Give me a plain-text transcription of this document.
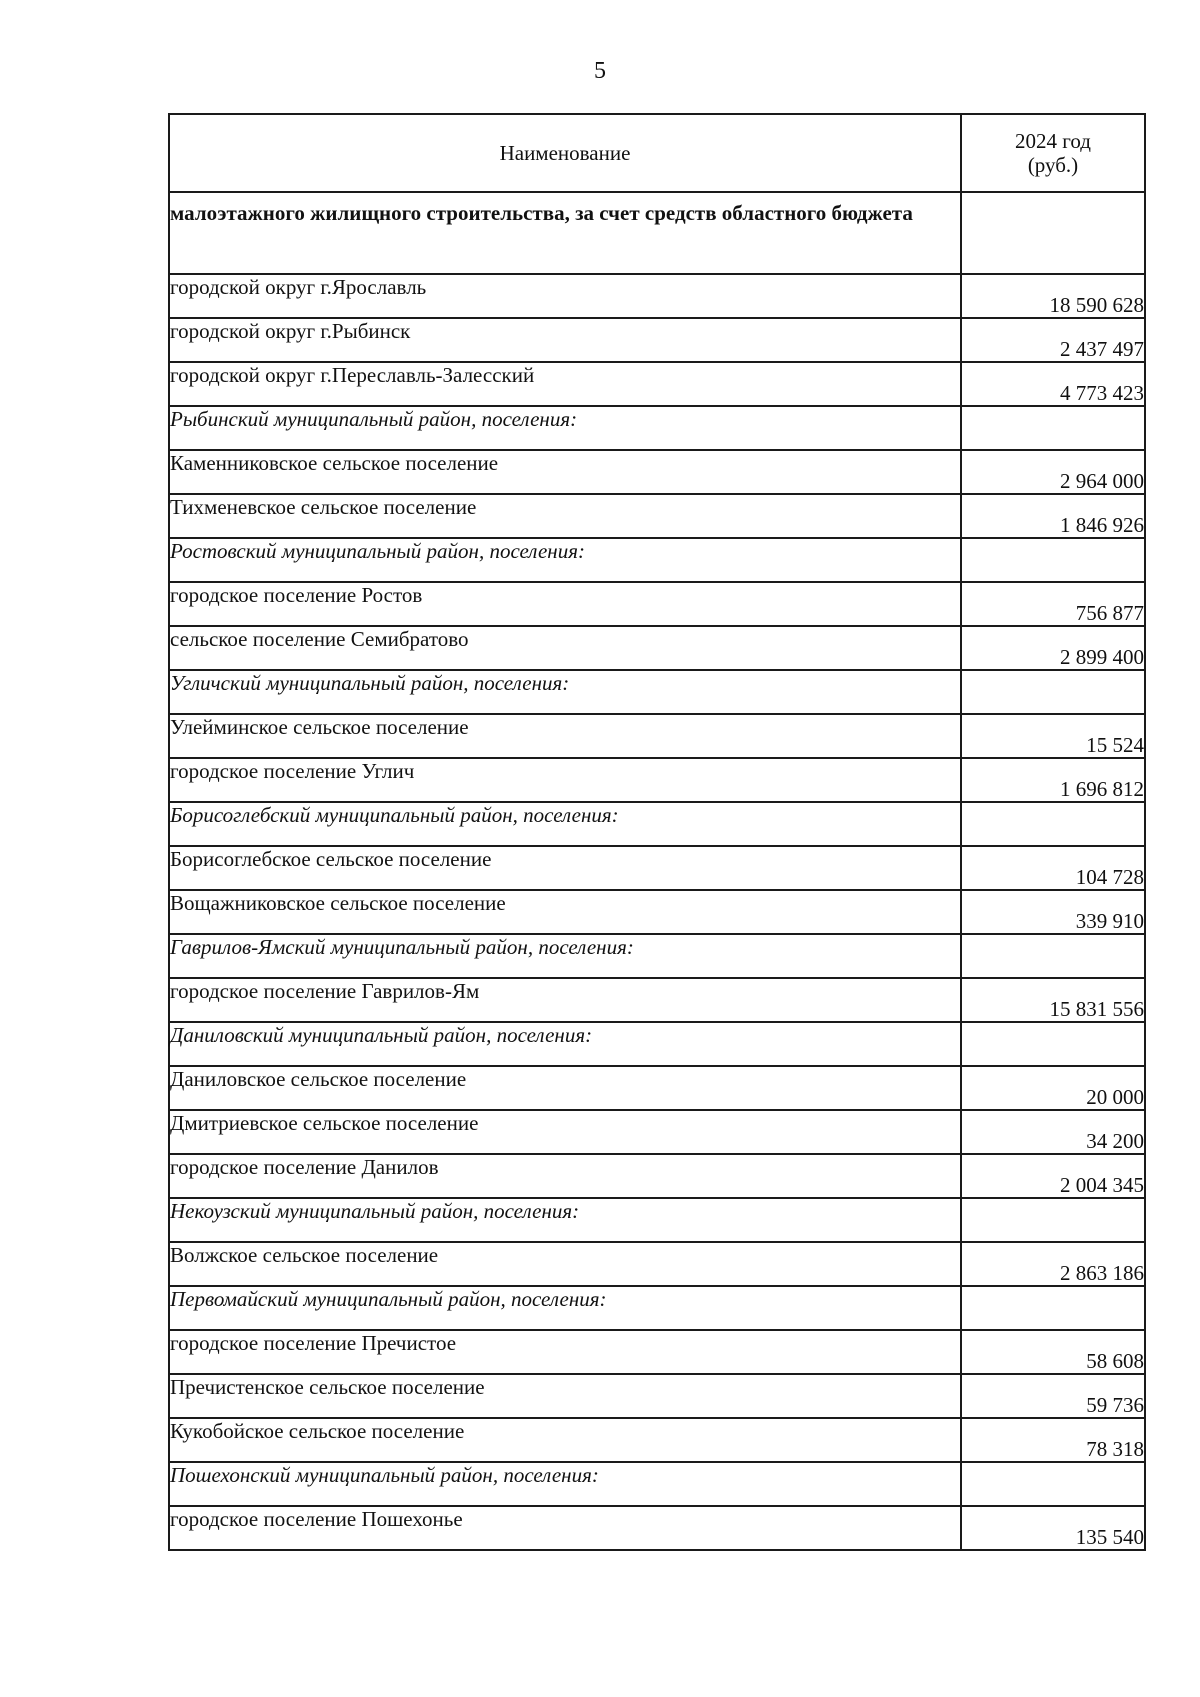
5
Наименование	2024 год
(руб.)
малоэтажного жилищного строительства, за счет средств областного бюджета	
городской округ г.Ярославль	18 590 628
городской округ г.Рыбинск	2 437 497
городской округ г.Переславль-Залесский	4 773 423
Рыбинский муниципальный район, поселения:	
Каменниковское сельское поселение	2 964 000
Тихменевское сельское поселение	1 846 926
Ростовский муниципальный район, поселения:	
городское поселение Ростов	756 877
сельское поселение Семибратово	2 899 400
Угличский муниципальный район, поселения:	
Улейминское сельское поселение	15 524
городское поселение Углич	1 696 812
Борисоглебский муниципальный район, поселения:	
Борисоглебское сельское поселение	104 728
Вощажниковское сельское поселение	339 910
Гаврилов-Ямский муниципальный район, поселения:	
городское поселение Гаврилов-Ям	15 831 556
Даниловский муниципальный район, поселения:	
Даниловское сельское поселение	20 000
Дмитриевское сельское поселение	34 200
городское поселение Данилов	2 004 345
Некоузский муниципальный район, поселения:	
Волжское сельское поселение	2 863 186
Первомайский муниципальный район, поселения:	
городское поселение Пречистое	58 608
Пречистенское сельское поселение	59 736
Кукобойское сельское поселение	78 318
Пошехонский муниципальный район, поселения:	
городское поселение Пошехонье	135 540
